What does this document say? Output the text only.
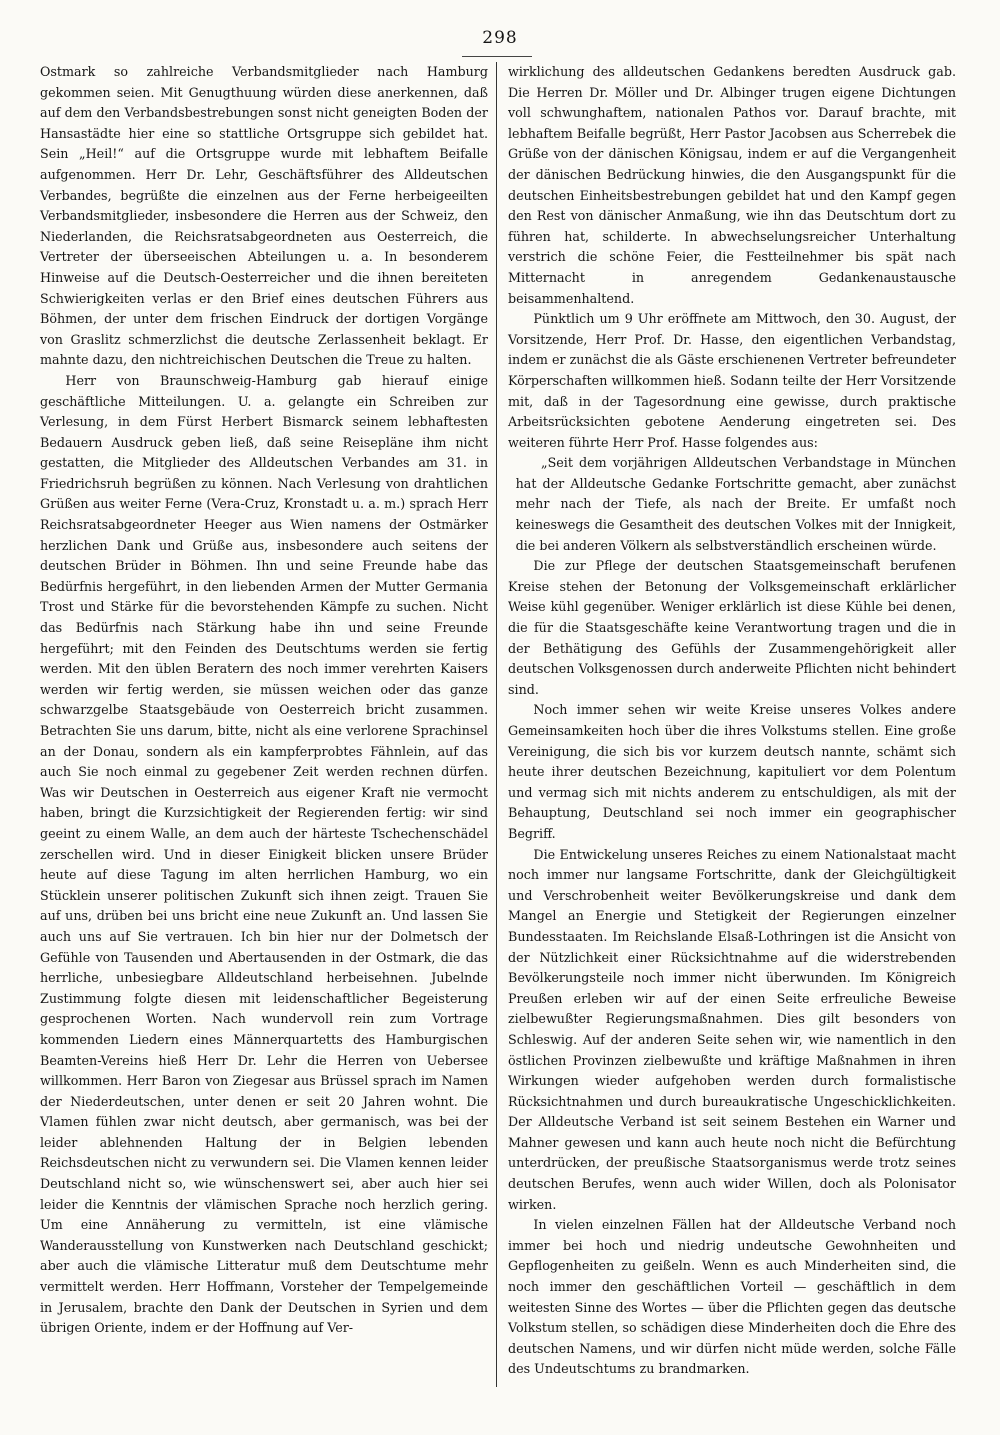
298

Ostmark so zahlreiche Verbandsmitglieder nach Hamburg gekommen seien. Mit Genugthuung würden diese anerkennen, daß auf dem den Verbandsbestrebungen sonst nicht geneigten Boden der Hansastädte hier eine so stattliche Ortsgruppe sich gebildet hat. Sein „Heil!“ auf die Ortsgruppe wurde mit lebhaftem Beifalle aufgenommen. Herr Dr. Lehr, Geschäftsführer des Alldeutschen Verbandes, begrüßte die einzelnen aus der Ferne herbeigeeilten Verbandsmitglieder, insbesondere die Herren aus der Schweiz, den Niederlanden, die Reichsratsabgeordneten aus Oesterreich, die Vertreter der überseeischen Abteilungen u. a. In besonderem Hinweise auf die Deutsch-Oesterreicher und die ihnen bereiteten Schwierigkeiten verlas er den Brief eines deutschen Führers aus Böhmen, der unter dem frischen Eindruck der dortigen Vorgänge von Graslitz schmerzlichst die deutsche Zerlassenheit beklagt. Er mahnte dazu, den nichtreichischen Deutschen die Treue zu halten.

Herr von Braunschweig-Hamburg gab hierauf einige geschäftliche Mitteilungen. U. a. gelangte ein Schreiben zur Verlesung, in dem Fürst Herbert Bismarck seinem lebhaftesten Bedauern Ausdruck geben ließ, daß seine Reisepläne ihm nicht gestatten, die Mitglieder des Alldeutschen Verbandes am 31. in Friedrichsruh begrüßen zu können. Nach Verlesung von drahtlichen Grüßen aus weiter Ferne (Vera-Cruz, Kronstadt u. a. m.) sprach Herr Reichsratsabgeordneter Heeger aus Wien namens der Ostmärker herzlichen Dank und Grüße aus, insbesondere auch seitens der deutschen Brüder in Böhmen. Ihn und seine Freunde habe das Bedürfnis hergeführt, in den liebenden Armen der Mutter Germania Trost und Stärke für die bevorstehenden Kämpfe zu suchen. Nicht das Bedürfnis nach Stärkung habe ihn und seine Freunde hergeführt; mit den Feinden des Deutschtums werden sie fertig werden. Mit den üblen Beratern des noch immer verehrten Kaisers werden wir fertig werden, sie müssen weichen oder das ganze schwarzgelbe Staatsgebäude von Oesterreich bricht zusammen. Betrachten Sie uns darum, bitte, nicht als eine verlorene Sprachinsel an der Donau, sondern als ein kampferprobtes Fähnlein, auf das auch Sie noch einmal zu gegebener Zeit werden rechnen dürfen. Was wir Deutschen in Oesterreich aus eigener Kraft nie vermocht haben, bringt die Kurzsichtigkeit der Regierenden fertig: wir sind geeint zu einem Walle, an dem auch der härteste Tschechenschädel zerschellen wird. Und in dieser Einigkeit blicken unsere Brüder heute auf diese Tagung im alten herrlichen Hamburg, wo ein Stücklein unserer politischen Zukunft sich ihnen zeigt. Trauen Sie auf uns, drüben bei uns bricht eine neue Zukunft an. Und lassen Sie auch uns auf Sie vertrauen. Ich bin hier nur der Dolmetsch der Gefühle von Tausenden und Abertausenden in der Ostmark, die das herrliche, unbesiegbare Alldeutschland herbeisehnen. Jubelnde Zustimmung folgte diesen mit leidenschaftlicher Begeisterung gesprochenen Worten. Nach wundervoll rein zum Vortrage kommenden Liedern eines Männerquartetts des Hamburgischen Beamten-Vereins hieß Herr Dr. Lehr die Herren von Uebersee willkommen. Herr Baron von Ziegesar aus Brüssel sprach im Namen der Niederdeutschen, unter denen er seit 20 Jahren wohnt. Die Vlamen fühlen zwar nicht deutsch, aber germanisch, was bei der leider ablehnenden Haltung der in Belgien lebenden Reichsdeutschen nicht zu verwundern sei. Die Vlamen kennen leider Deutschland nicht so, wie wünschenswert sei, aber auch hier sei leider die Kenntnis der vlämischen Sprache noch herzlich gering. Um eine Annäherung zu vermitteln, ist eine vlämische Wanderausstellung von Kunstwerken nach Deutschland geschickt; aber auch die vlämische Litteratur muß dem Deutschtume mehr vermittelt werden. Herr Hoffmann, Vorsteher der Tempelgemeinde in Jerusalem, brachte den Dank der Deutschen in Syrien und dem übrigen Oriente, indem er der Hoffnung auf Ver-

wirklichung des alldeutschen Gedankens beredten Ausdruck gab. Die Herren Dr. Möller und Dr. Albinger trugen eigene Dichtungen voll schwunghaftem, nationalen Pathos vor. Darauf brachte, mit lebhaftem Beifalle begrüßt, Herr Pastor Jacobsen aus Scherrebek die Grüße von der dänischen Königsau, indem er auf die Vergangenheit der dänischen Bedrückung hinwies, die den Ausgangspunkt für die deutschen Einheitsbestrebungen gebildet hat und den Kampf gegen den Rest von dänischer Anmaßung, wie ihn das Deutschtum dort zu führen hat, schilderte. In abwechselungsreicher Unterhaltung verstrich die schöne Feier, die Festteilnehmer bis spät nach Mitternacht in anregendem Gedankenaustausche beisammenhaltend.

Pünktlich um 9 Uhr eröffnete am Mittwoch, den 30. August, der Vorsitzende, Herr Prof. Dr. Hasse, den eigentlichen Verbandstag, indem er zunächst die als Gäste erschienenen Vertreter befreundeter Körperschaften willkommen hieß. Sodann teilte der Herr Vorsitzende mit, daß in der Tagesordnung eine gewisse, durch praktische Arbeitsrücksichten gebotene Aenderung eingetreten sei. Des weiteren führte Herr Prof. Hasse folgendes aus:

„Seit dem vorjährigen Alldeutschen Verbandstage in München hat der Alldeutsche Gedanke Fortschritte gemacht, aber zunächst mehr nach der Tiefe, als nach der Breite. Er umfaßt noch keineswegs die Gesamtheit des deutschen Volkes mit der Innigkeit, die bei anderen Völkern als selbstverständlich erscheinen würde.

Die zur Pflege der deutschen Staatsgemeinschaft berufenen Kreise stehen der Betonung der Volksgemeinschaft erklärlicher Weise kühl gegenüber. Weniger erklärlich ist diese Kühle bei denen, die für die Staatsgeschäfte keine Verantwortung tragen und die in der Bethätigung des Gefühls der Zusammengehörigkeit aller deutschen Volksgenossen durch anderweite Pflichten nicht behindert sind.

Noch immer sehen wir weite Kreise unseres Volkes andere Gemeinsamkeiten hoch über die ihres Volkstums stellen. Eine große Vereinigung, die sich bis vor kurzem deutsch nannte, schämt sich heute ihrer deutschen Bezeichnung, kapituliert vor dem Polentum und vermag sich mit nichts anderem zu entschuldigen, als mit der Behauptung, Deutschland sei noch immer ein geographischer Begriff.

Die Entwickelung unseres Reiches zu einem Nationalstaat macht noch immer nur langsame Fortschritte, dank der Gleichgültigkeit und Verschrobenheit weiter Bevölkerungskreise und dank dem Mangel an Energie und Stetigkeit der Regierungen einzelner Bundesstaaten. Im Reichslande Elsaß-Lothringen ist die Ansicht von der Nützlichkeit einer Rücksichtnahme auf die widerstrebenden Bevölkerungsteile noch immer nicht überwunden. Im Königreich Preußen erleben wir auf der einen Seite erfreuliche Beweise zielbewußter Regierungsmaßnahmen. Dies gilt besonders von Schleswig. Auf der anderen Seite sehen wir, wie namentlich in den östlichen Provinzen zielbewußte und kräftige Maßnahmen in ihren Wirkungen wieder aufgehoben werden durch formalistische Rücksichtnahmen und durch bureaukratische Ungeschicklichkeiten. Der Alldeutsche Verband ist seit seinem Bestehen ein Warner und Mahner gewesen und kann auch heute noch nicht die Befürchtung unterdrücken, der preußische Staatsorganismus werde trotz seines deutschen Berufes, wenn auch wider Willen, doch als Polonisator wirken.

In vielen einzelnen Fällen hat der Alldeutsche Verband noch immer bei hoch und niedrig undeutsche Gewohnheiten und Gepflogenheiten zu geißeln. Wenn es auch Minderheiten sind, die noch immer den geschäftlichen Vorteil — geschäftlich in dem weitesten Sinne des Wortes — über die Pflichten gegen das deutsche Volkstum stellen, so schädigen diese Minderheiten doch die Ehre des deutschen Namens, und wir dürfen nicht müde werden, solche Fälle des Undeutschtums zu brandmarken.
